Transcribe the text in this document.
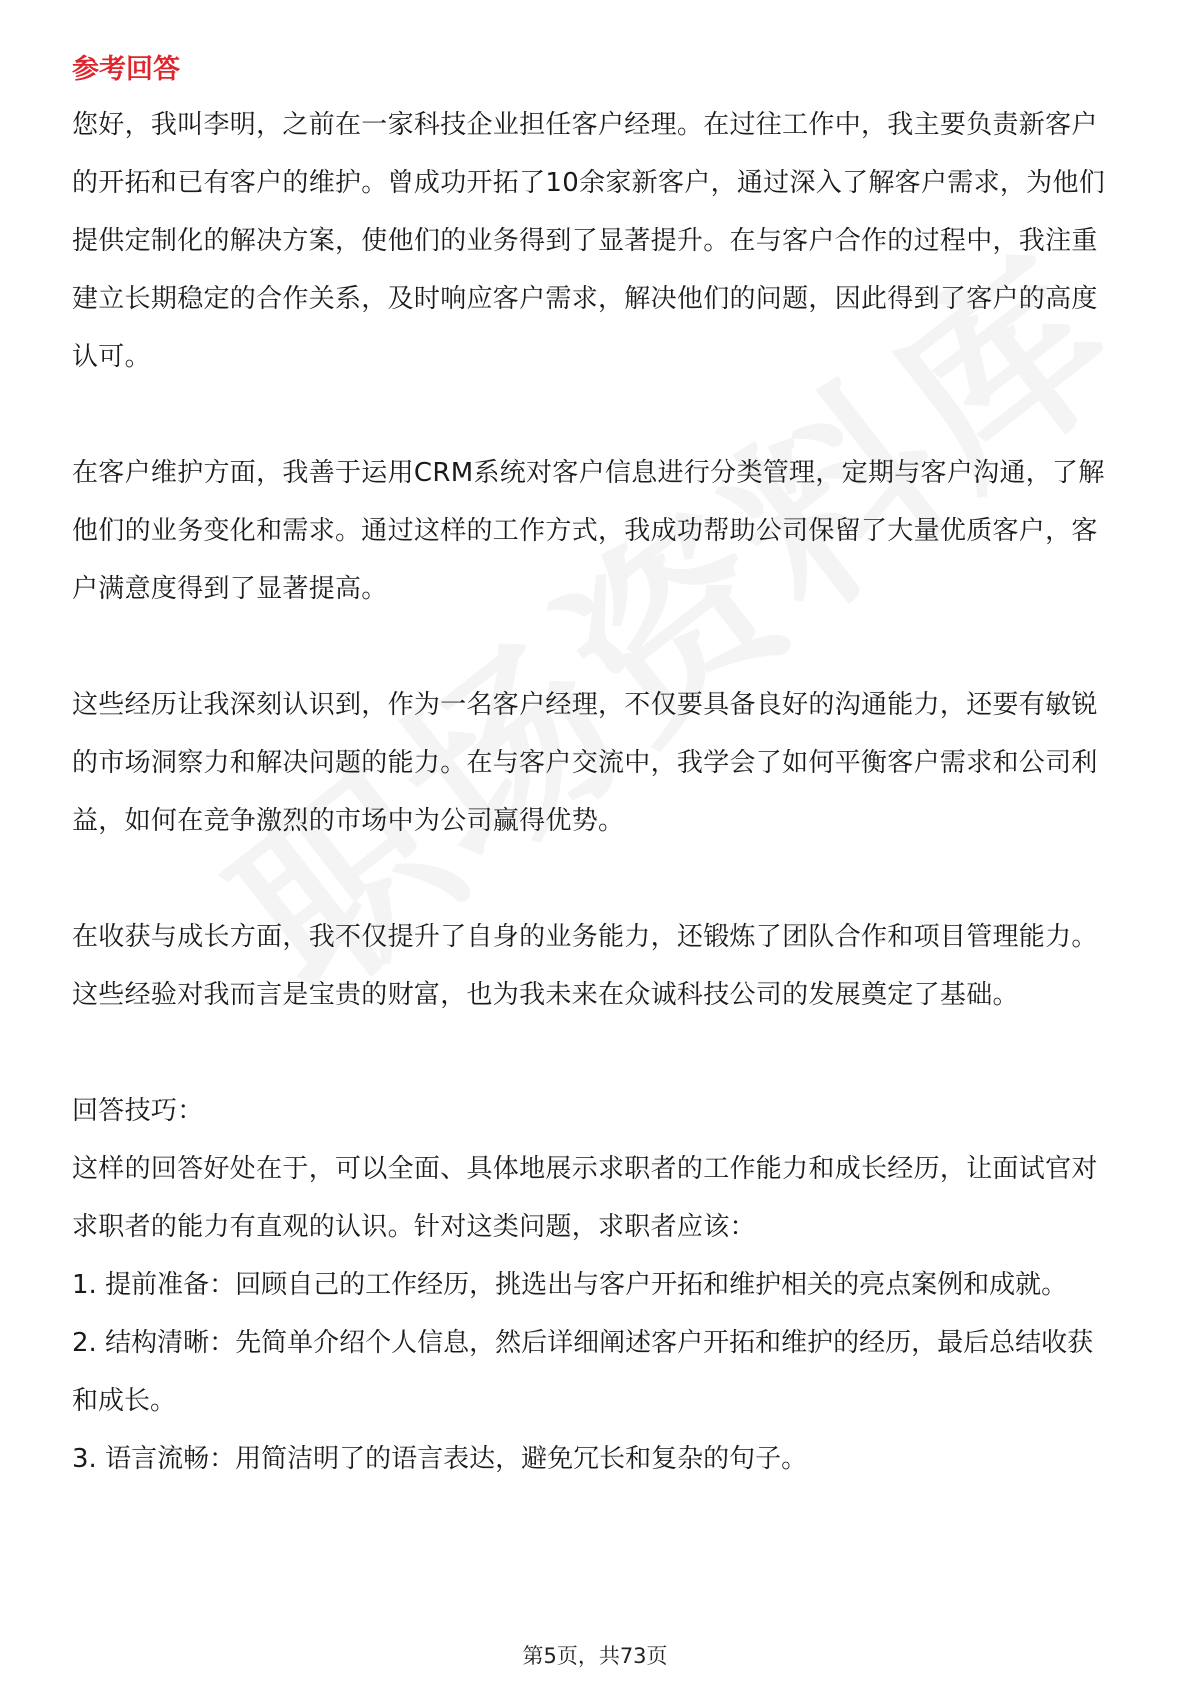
参考回答

您好，我叫李明，之前在一家科技企业担任客户经理。在过往工作中，我主要负责新客户的开拓和已有客户的维护。曾成功开拓了10余家新客户，通过深入了解客户需求，为他们提供定制化的解决方案，使他们的业务得到了显著提升。在与客户合作的过程中，我注重建立长期稳定的合作关系，及时响应客户需求，解决他们的问题，因此得到了客户的高度认可。

在客户维护方面，我善于运用CRM系统对客户信息进行分类管理，定期与客户沟通，了解他们的业务变化和需求。通过这样的工作方式，我成功帮助公司保留了大量优质客户，客户满意度得到了显著提高。

这些经历让我深刻认识到，作为一名客户经理，不仅要具备良好的沟通能力，还要有敏锐的市场洞察力和解决问题的能力。在与客户交流中，我学会了如何平衡客户需求和公司利益，如何在竞争激烈的市场中为公司赢得优势。

在收获与成长方面，我不仅提升了自身的业务能力，还锻炼了团队合作和项目管理能力。这些经验对我而言是宝贵的财富，也为我未来在众诚科技公司的发展奠定了基础。

回答技巧：

这样的回答好处在于，可以全面、具体地展示求职者的工作能力和成长经历，让面试官对求职者的能力有直观的认识。针对这类问题，求职者应该：

1. 提前准备：回顾自己的工作经历，挑选出与客户开拓和维护相关的亮点案例和成就。

2. 结构清晰：先简单介绍个人信息，然后详细阐述客户开拓和维护的经历，最后总结收获和成长。

3. 语言流畅：用简洁明了的语言表达，避免冗长和复杂的句子。

第5页，共73页
